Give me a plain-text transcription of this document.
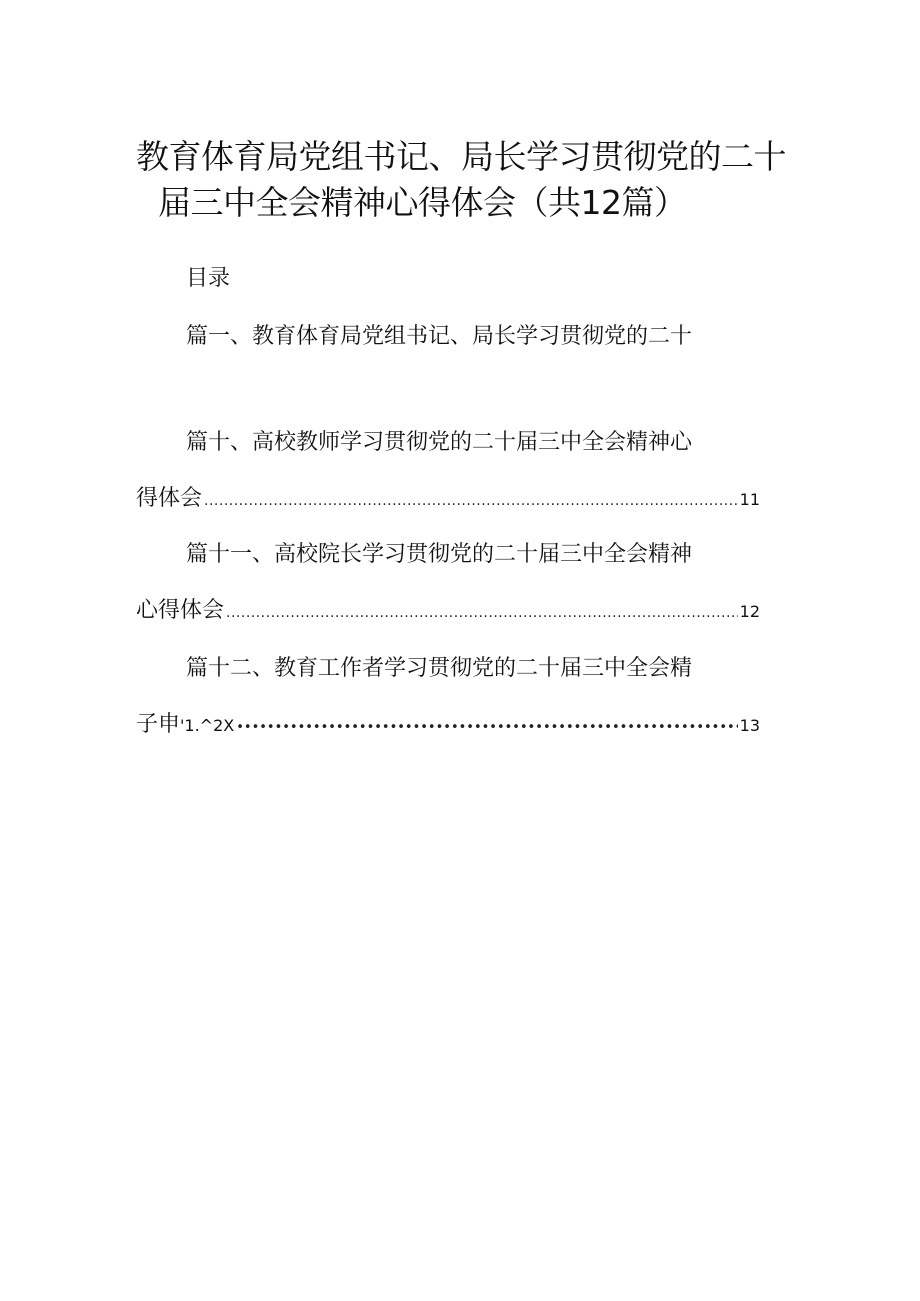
教育体育局党组书记、局长学习贯彻党的二十
届三中全会精神心得体会（共12篇）
目录
篇一、教育体育局党组书记、局长学习贯彻党的二十
篇十、高校教师学习贯彻党的二十届三中全会精神心
得体会 .....	11
篇十一、高校院长学习贯彻党的二十届三中全会精神
心得体会 .....	12
篇十二、教育工作者学习贯彻党的二十届三中全会精
子申'1.^2X •••••	13
